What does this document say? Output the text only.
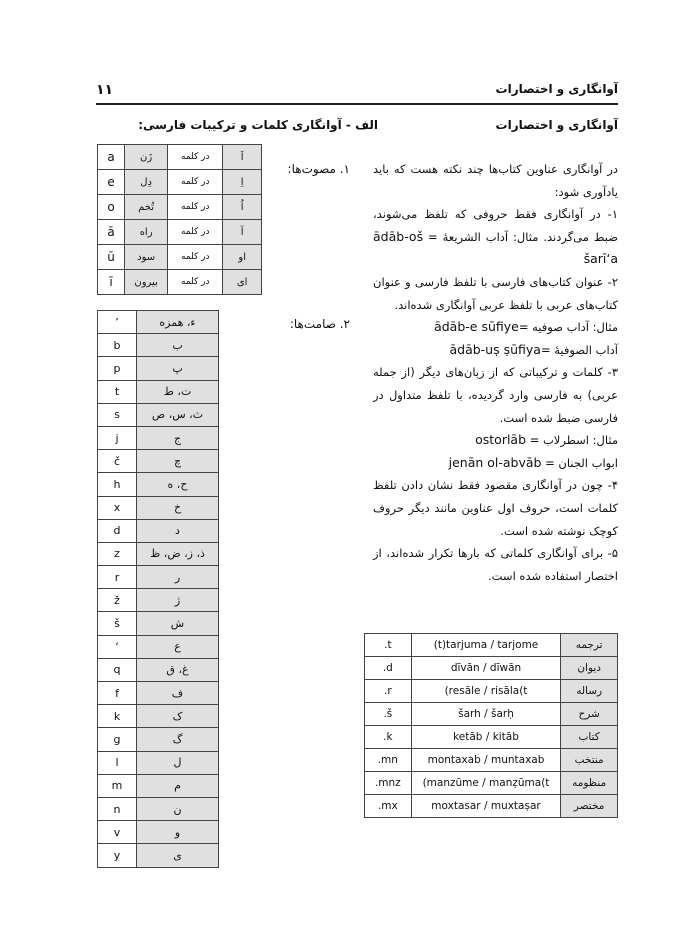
آوانگاری و اختصارات
۱۱
آوانگاری و اختصارات
الف - آوانگاری کلمات و ترکیبات فارسی:
۱. مصوت‌ها:
۲. صامت‌ها:

در آوانگاری عناوین کتاب‌ها چند نکته هست که باید یادآوری شود:

۱- در آوانگاری فقط حروفی که تلفظ می‌شوند، ضبط می‌گردند. مثال: آداب الشریعهٔ = ādāb-oš šarī‘a

۲- عنوان کتاب‌های فارسی با تلفظ فارسی و عنوان کتاب‌های عربی با تلفظ عربی آوانگاری شده‌اند.

مثال: آداب صوفیه =ādāb-e sūfiye

آداب الصوفیهٔ =ādāb-uṣ ṣūfiya

۳- کلمات و ترکیباتی که از زبان‌های دیگر (از جمله عربی) به فارسی وارد گردیده، با تلفظ متداول در فارسی ضبط شده است.

مثال: اسطرلاب = ostorlāb

ابواب الجنان = jenān ol-abvāb

۴- چون در آوانگاری مقصود فقط نشان دادن تلفظ کلمات است، حروف اول عناوین مانند دیگر حروف کوچک نوشته شده است.

۵- برای آوانگاری کلماتی که بارها تکرار شده‌اند، از اختصار استفاده شده است.

a	زَن	در کلمه	اَ
e	دِل	در کلمه	اِ
o	تُخم	در کلمه	اُ
ā	راه	در کلمه	آ
ū	سود	در کلمه	او
ī	بیرون	در کلمه	ای
ʼ	ء، همزه
b	ب
p	پ
t	ت، ط
s	ث، س، ص
j	ج
č	چ
h	ح، ه
x	خ
d	د
z	ذ، ز، ض، ظ
r	ر
ž	ژ
š	ش
ʻ	ع
q	غ، ق
f	ف
k	ک
g	گ
l	ل
m	م
n	ن
v	و
y	ی
.t	(t)tarjuma / tarjome	ترجمه
.d	dīvān / dīwān	دیوان
.r	(resāle / risāla(t	رساله
.š	šarh / šarḥ	شرح
.k	ketāb / kitāb	کتاب
.mn	montaxab / muntaxab	منتخب
.mnz	(manzūme / manẓūma(t	منظومه
.mx	moxtasar / muxtaṣar	مختصر
